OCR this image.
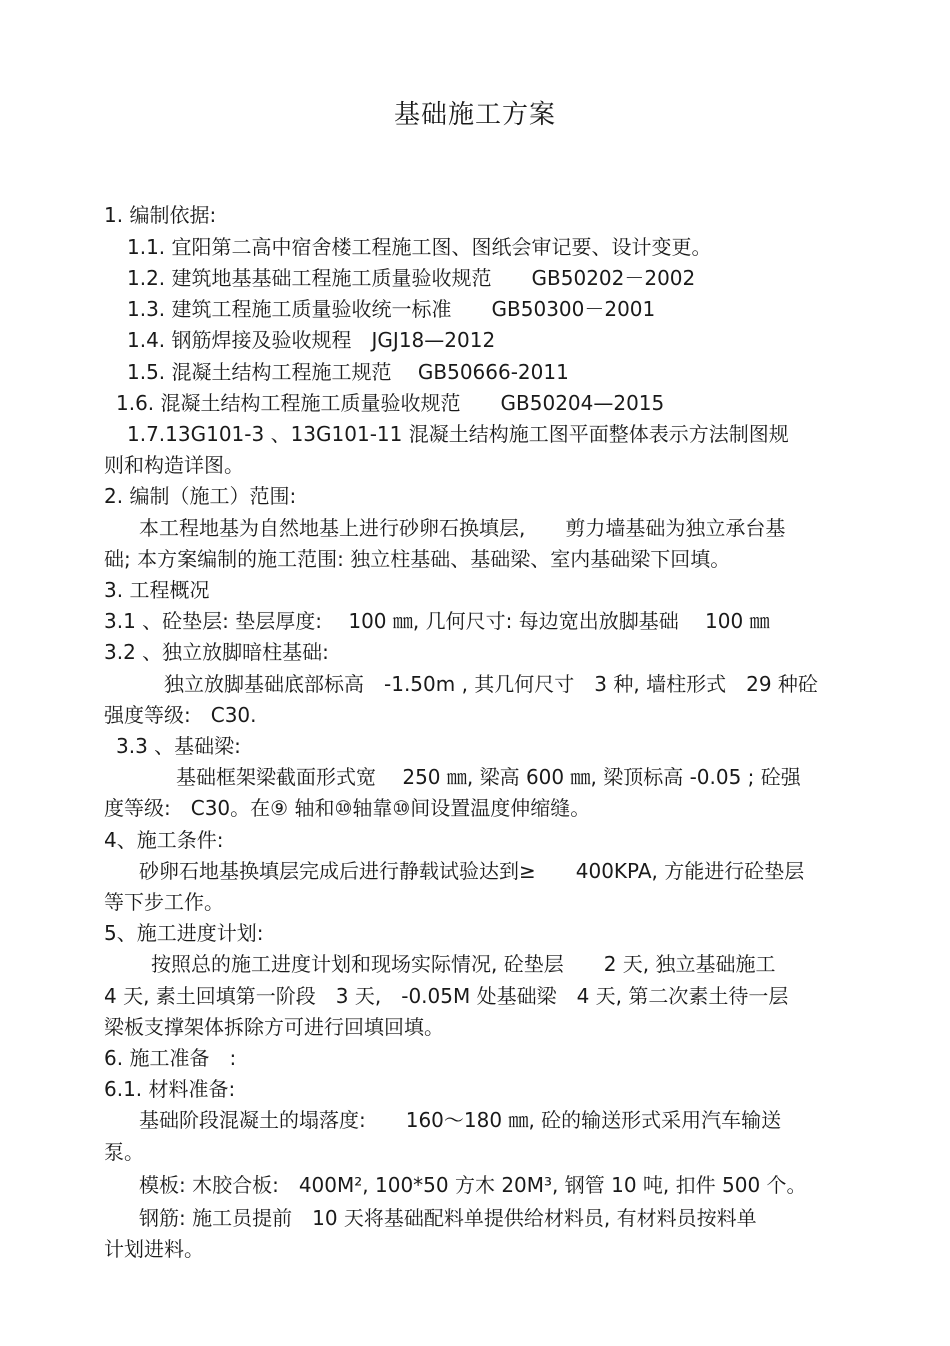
基础施工方案
1. 编制依据:
1.1. 宜阳第二高中宿舍楼工程施工图、图纸会审记要、设计变更。
1.2. 建筑地基基础工程施工质量验收规范　　GB50202－2002
1.3. 建筑工程施工质量验收统一标准　　GB50300－2001
1.4. 钢筋焊接及验收规程　JGJ18—2012
1.5. 混凝土结构工程施工规范　 GB50666-2011
1.6. 混凝土结构工程施工质量验收规范　　GB50204—2015
1.7.13G101-3 、13G101-11 混凝土结构施工图平面整体表示方法制图规
则和构造详图。
2. 编制（施工）范围:
本工程地基为自然地基上进行砂卵石换填层,　　剪力墙基础为独立承台基
础; 本方案编制的施工范围: 独立柱基础、基础梁、室内基础梁下回填。
3. 工程概况
3.1 、砼垫层: 垫层厚度:　 100 ㎜, 几何尺寸: 每边宽出放脚基础　 100 ㎜
3.2 、独立放脚暗柱基础:
独立放脚基础底部标高　-1.50m , 其几何尺寸　3 种, 墙柱形式　29 种砼
强度等级:　C30.
3.3 、基础梁:
基础框架梁截面形式宽　 250 ㎜, 梁高 600 ㎜, 梁顶标高 -0.05 ; 砼强
度等级:　C30。在⑨ 轴和⑩轴靠⑩间设置温度伸缩缝。
4、施工条件:
砂卵石地基换填层完成后进行静载试验达到≥　　400KPA, 方能进行砼垫层
等下步工作。
5、施工进度计划:
按照总的施工进度计划和现场实际情况, 砼垫层　　2 天, 独立基础施工
4 天, 素土回填第一阶段　3 天,　-0.05M 处基础梁　4 天, 第二次素土待一层
梁板支撑架体拆除方可进行回填回填。
6. 施工准备　:
6.1. 材料准备:
基础阶段混凝土的塌落度:　　160～180 ㎜, 砼的输送形式采用汽车输送
泵。
模板: 木胶合板:　400M², 100*50 方木 20M³, 钢管 10 吨, 扣件 500 个。
钢筋: 施工员提前　10 天将基础配料单提供给材料员, 有材料员按料单
计划进料。
